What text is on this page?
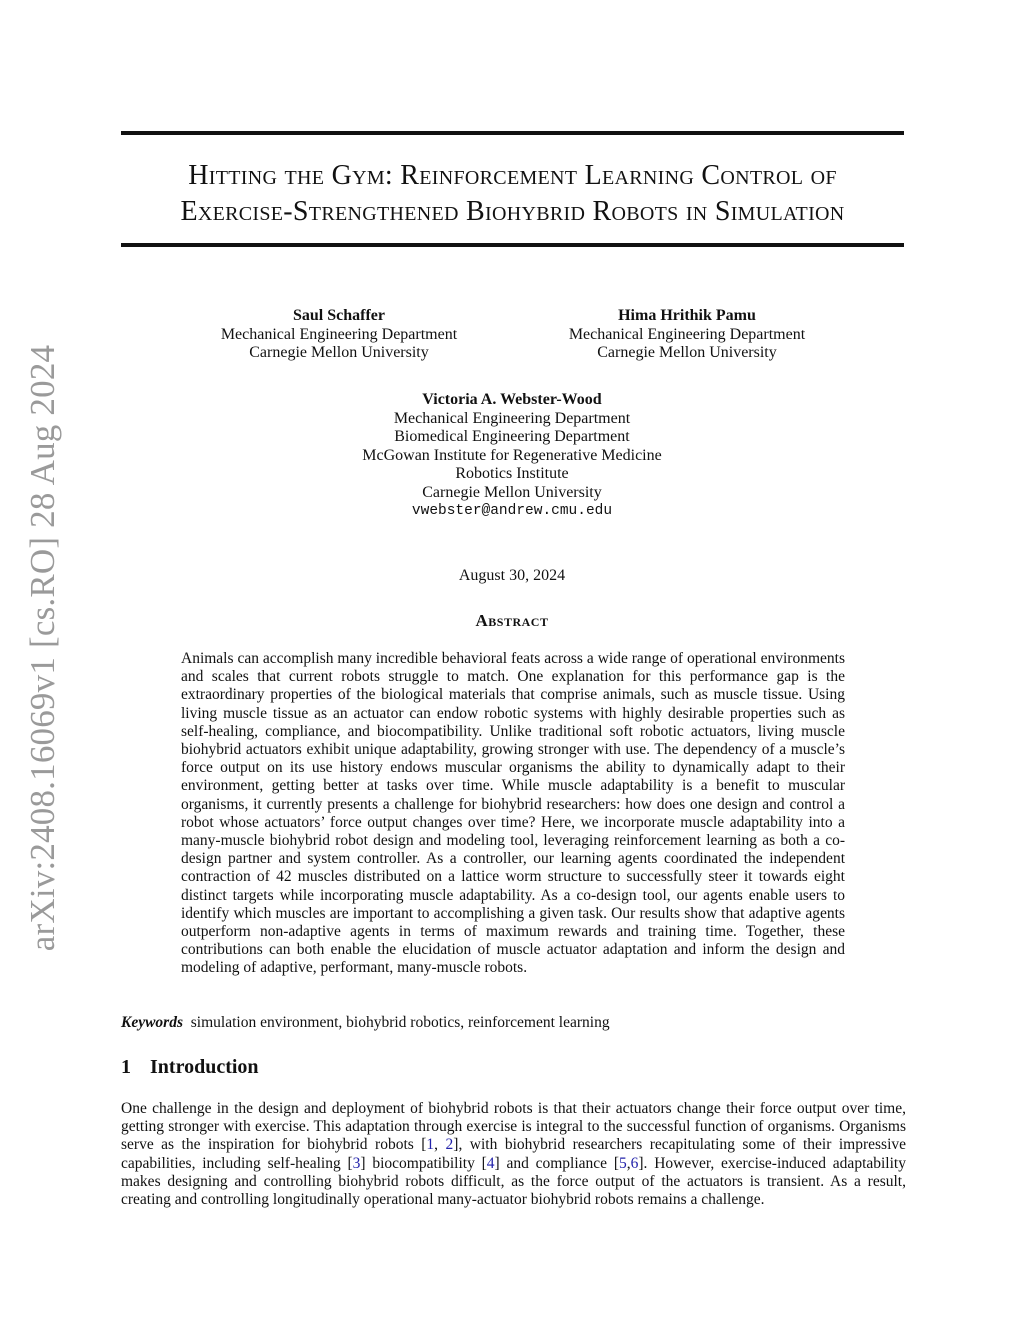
arXiv:2408.16069v1 [cs.RO] 28 Aug 2024
Hitting the Gym: Reinforcement Learning Control of
Exercise-Strengthened Biohybrid Robots in Simulation
Saul Schaffer
Mechanical Engineering Department
Carnegie Mellon University
Hima Hrithik Pamu
Mechanical Engineering Department
Carnegie Mellon University
Victoria A. Webster-Wood
Mechanical Engineering Department
Biomedical Engineering Department
McGowan Institute for Regenerative Medicine
Robotics Institute
Carnegie Mellon University
vwebster@andrew.cmu.edu
August 30, 2024
Abstract
Animals can accomplish many incredible behavioral feats across a wide range of operational environments and scales that current robots struggle to match. One explanation for this performance gap is the extraordinary properties of the biological materials that comprise animals, such as muscle tissue. Using living muscle tissue as an actuator can endow robotic systems with highly desirable properties such as self-healing, compliance, and biocompatibility. Unlike traditional soft robotic actuators, living muscle biohybrid actuators exhibit unique adaptability, growing stronger with use. The dependency of a muscle’s force output on its use history endows muscular organisms the ability to dynamically adapt to their environment, getting better at tasks over time. While muscle adaptability is a benefit to muscular organisms, it currently presents a challenge for biohybrid researchers: how does one design and control a robot whose actuators’ force output changes over time? Here, we incorporate muscle adaptability into a many-muscle biohybrid robot design and modeling tool, leveraging reinforcement learning as both a co-design partner and system controller. As a controller, our learning agents coordinated the independent contraction of 42 muscles distributed on a lattice worm structure to successfully steer it towards eight distinct targets while incorporating muscle adaptability. As a co-design tool, our agents enable users to identify which muscles are important to accomplishing a given task. Our results show that adaptive agents outperform non-adaptive agents in terms of maximum rewards and training time. Together, these contributions can both enable the elucidation of muscle actuator adaptation and inform the design and modeling of adaptive, performant, many-muscle robots.
Keywords simulation environment, biohybrid robotics, reinforcement learning
1 Introduction
One challenge in the design and deployment of biohybrid robots is that their actuators change their force output over time, getting stronger with exercise. This adaptation through exercise is integral to the successful function of organisms. Organisms serve as the inspiration for biohybrid robots [1, 2], with biohybrid researchers recapitulating some of their impressive capabilities, including self-healing [3] biocompatibility [4] and compliance [5,6]. However, exercise-induced adaptability makes designing and controlling biohybrid robots difficult, as the force output of the actuators is transient. As a result, creating and controlling longitudinally operational many-actuator biohybrid robots remains a challenge.
